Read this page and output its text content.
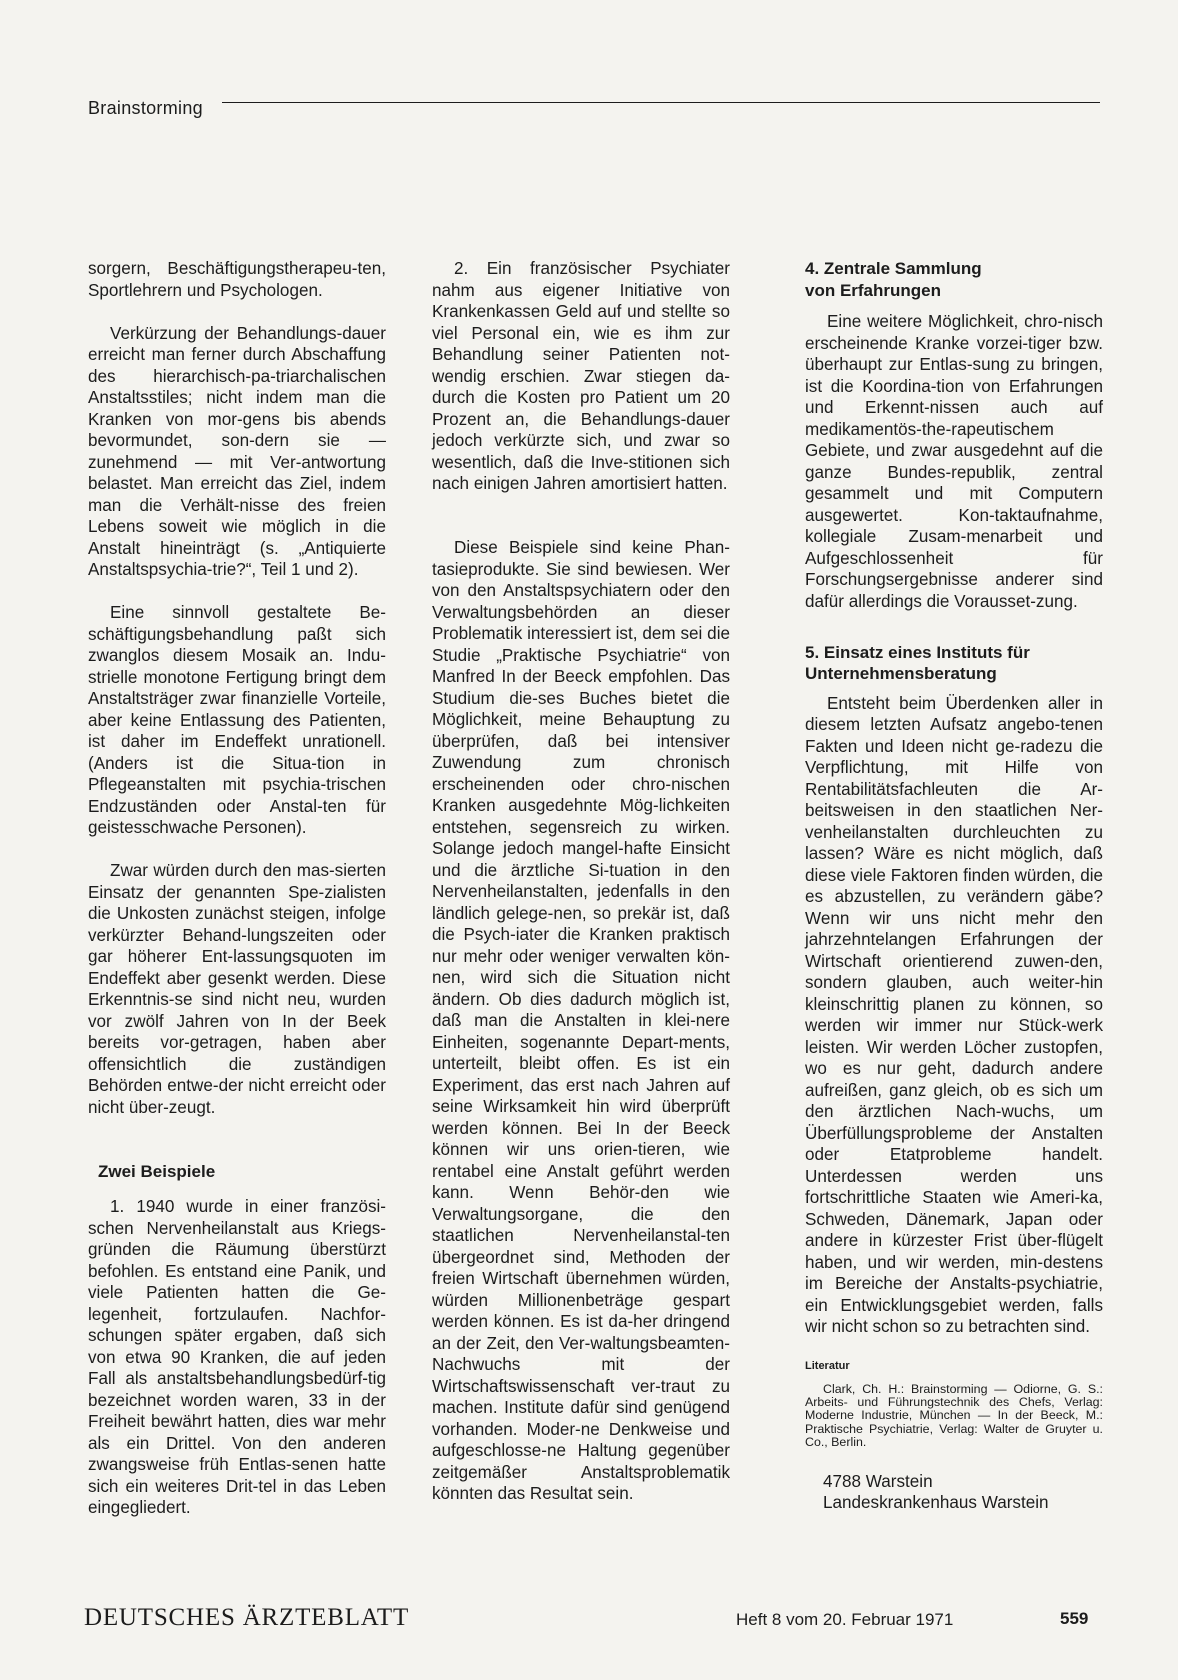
Brainstorming

sorgern, Beschäftigungstherapeu-ten, Sportlehrern und Psychologen.

Verkürzung der Behandlungs-dauer erreicht man ferner durch Abschaffung des hierarchisch-pa-triarchalischen Anstaltsstiles; nicht indem man die Kranken von mor-gens bis abends bevormundet, son-dern sie — zunehmend — mit Ver-antwortung belastet. Man erreicht das Ziel, indem man die Verhält-nisse des freien Lebens soweit wie möglich in die Anstalt hineinträgt (s. „Antiquierte Anstaltspsychia-trie?“, Teil 1 und 2).

Eine sinnvoll gestaltete Be-schäftigungsbehandlung paßt sich zwanglos diesem Mosaik an. Indu-strielle monotone Fertigung bringt dem Anstaltsträger zwar finanzielle Vorteile, aber keine Entlassung des Patienten, ist daher im Endeffekt unrationell. (Anders ist die Situa-tion in Pflegeanstalten mit psychia-trischen Endzuständen oder Anstal-ten für geistesschwache Personen).

Zwar würden durch den mas-sierten Einsatz der genannten Spe-zialisten die Unkosten zunächst steigen, infolge verkürzter Behand-lungszeiten oder gar höherer Ent-lassungsquoten im Endeffekt aber gesenkt werden. Diese Erkenntnis-se sind nicht neu, wurden vor zwölf Jahren von In der Beek bereits vor-getragen, haben aber offensichtlich die zuständigen Behörden entwe-der nicht erreicht oder nicht über-zeugt.

Zwei Beispiele

1. 1940 wurde in einer französi-schen Nervenheilanstalt aus Kriegs-gründen die Räumung überstürzt befohlen. Es entstand eine Panik, und viele Patienten hatten die Ge-legenheit, fortzulaufen. Nachfor-schungen später ergaben, daß sich von etwa 90 Kranken, die auf jeden Fall als anstaltsbehandlungsbedürf-tig bezeichnet worden waren, 33 in der Freiheit bewährt hatten, dies war mehr als ein Drittel. Von den anderen zwangsweise früh Entlas-senen hatte sich ein weiteres Drit-tel in das Leben eingegliedert.

2. Ein französischer Psychiater nahm aus eigener Initiative von Krankenkassen Geld auf und stellte so viel Personal ein, wie es ihm zur Behandlung seiner Patienten not-wendig erschien. Zwar stiegen da-durch die Kosten pro Patient um 20 Prozent an, die Behandlungs-dauer jedoch verkürzte sich, und zwar so wesentlich, daß die Inve-stitionen sich nach einigen Jahren amortisiert hatten.

Diese Beispiele sind keine Phan-tasieprodukte. Sie sind bewiesen. Wer von den Anstaltspsychiatern oder den Verwaltungsbehörden an dieser Problematik interessiert ist, dem sei die Studie „Praktische Psychiatrie“ von Manfred In der Beeck empfohlen. Das Studium die-ses Buches bietet die Möglichkeit, meine Behauptung zu überprüfen, daß bei intensiver Zuwendung zum chronisch erscheinenden oder chro-nischen Kranken ausgedehnte Mög-lichkeiten entstehen, segensreich zu wirken. Solange jedoch mangel-hafte Einsicht und die ärztliche Si-tuation in den Nervenheilanstalten, jedenfalls in den ländlich gelege-nen, so prekär ist, daß die Psych-iater die Kranken praktisch nur mehr oder weniger verwalten kön-nen, wird sich die Situation nicht ändern. Ob dies dadurch möglich ist, daß man die Anstalten in klei-nere Einheiten, sogenannte Depart-ments, unterteilt, bleibt offen. Es ist ein Experiment, das erst nach Jahren auf seine Wirksamkeit hin wird überprüft werden können. Bei In der Beeck können wir uns orien-tieren, wie rentabel eine Anstalt geführt werden kann. Wenn Behör-den wie Verwaltungsorgane, die den staatlichen Nervenheilanstal-ten übergeordnet sind, Methoden der freien Wirtschaft übernehmen würden, würden Millionenbeträge gespart werden können. Es ist da-her dringend an der Zeit, den Ver-waltungsbeamten-Nachwuchs mit der Wirtschaftswissenschaft ver-traut zu machen. Institute dafür sind genügend vorhanden. Moder-ne Denkweise und aufgeschlosse-ne Haltung gegenüber zeitgemäßer Anstaltsproblematik könnten das Resultat sein.

4. Zentrale Sammlung
von Erfahrungen

Eine weitere Möglichkeit, chro-nisch erscheinende Kranke vorzei-tiger bzw. überhaupt zur Entlas-sung zu bringen, ist die Koordina-tion von Erfahrungen und Erkennt-nissen auch auf medikamentös-the-rapeutischem Gebiete, und zwar ausgedehnt auf die ganze Bundes-republik, zentral gesammelt und mit Computern ausgewertet. Kon-taktaufnahme, kollegiale Zusam-menarbeit und Aufgeschlossenheit für Forschungsergebnisse anderer sind dafür allerdings die Vorausset-zung.

5. Einsatz eines Instituts für
Unternehmensberatung

Entsteht beim Überdenken aller in diesem letzten Aufsatz angebo-tenen Fakten und Ideen nicht ge-radezu die Verpflichtung, mit Hilfe von Rentabilitätsfachleuten die Ar-beitsweisen in den staatlichen Ner-venheilanstalten durchleuchten zu lassen? Wäre es nicht möglich, daß diese viele Faktoren finden würden, die es abzustellen, zu verändern gäbe? Wenn wir uns nicht mehr den jahrzehntelangen Erfahrungen der Wirtschaft orientierend zuwen-den, sondern glauben, auch weiter-hin kleinschrittig planen zu können, so werden wir immer nur Stück-werk leisten. Wir werden Löcher zustopfen, wo es nur geht, dadurch andere aufreißen, ganz gleich, ob es sich um den ärztlichen Nach-wuchs, um Überfüllungsprobleme der Anstalten oder Etatprobleme handelt. Unterdessen werden uns fortschrittliche Staaten wie Ameri-ka, Schweden, Dänemark, Japan oder andere in kürzester Frist über-flügelt haben, und wir werden, min-destens im Bereiche der Anstalts-psychiatrie, ein Entwicklungsgebiet werden, falls wir nicht schon so zu betrachten sind.

Literatur

Clark, Ch. H.: Brainstorming — Odiorne, G. S.: Arbeits- und Führungstechnik des Chefs, Verlag: Moderne Industrie, München — In der Beeck, M.: Praktische Psychiatrie, Verlag: Walter de Gruyter u. Co., Berlin.

4788 Warstein
Landeskrankenhaus Warstein
DEUTSCHES ÄRZTEBLATT	Heft 8 vom 20. Februar 1971	559
